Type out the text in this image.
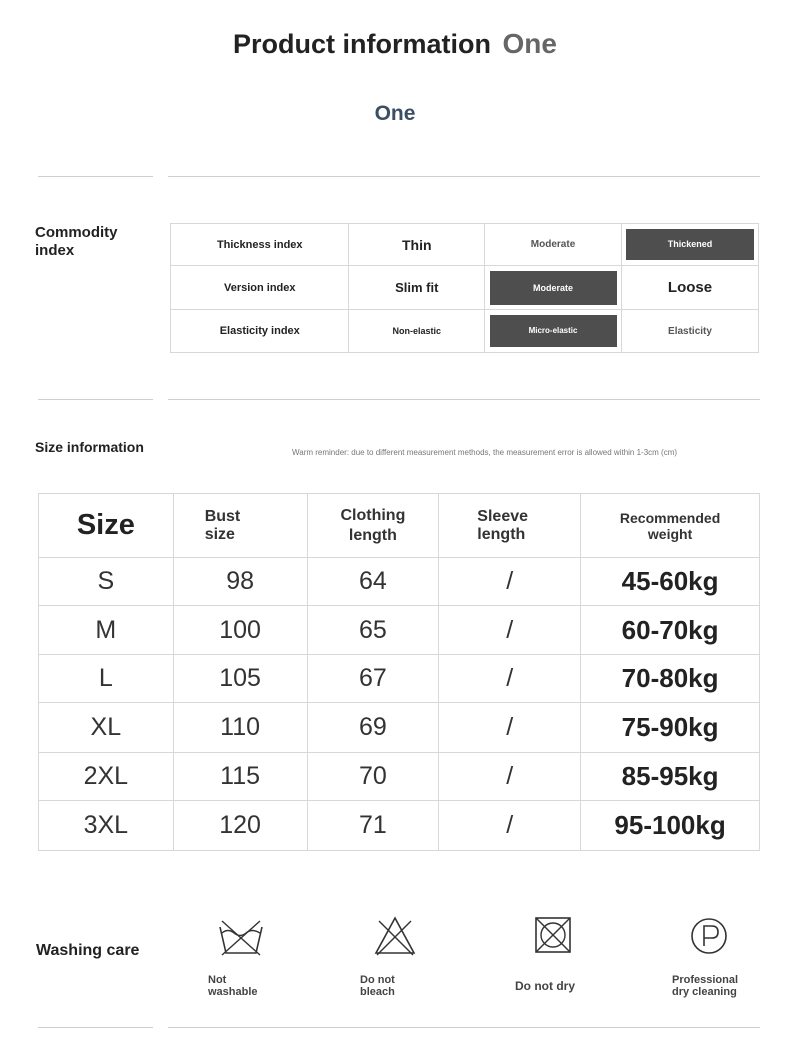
Product information One
One
Commodity index	Thickness index	Thin	Moderate	Thickened
Version index	Slim fit	Moderate	Loose
Elasticity index	Non-elastic	Micro-elastic	Elasticity
Size information	Warm reminder: due to different measurement methods, the measurement error is allowed within 1-3cm (cm)
Size	Bust size	Clothing length	Sleeve length	Recommended weight
S	98	64	/	45-60kg
M	100	65	/	60-70kg
L	105	67	/	70-80kg
XL	110	69	/	75-90kg
2XL	115	70	/	85-95kg
3XL	120	71	/	95-100kg
Washing care
Not washable
Do not bleach	Do not dry	Professional dry cleaning
